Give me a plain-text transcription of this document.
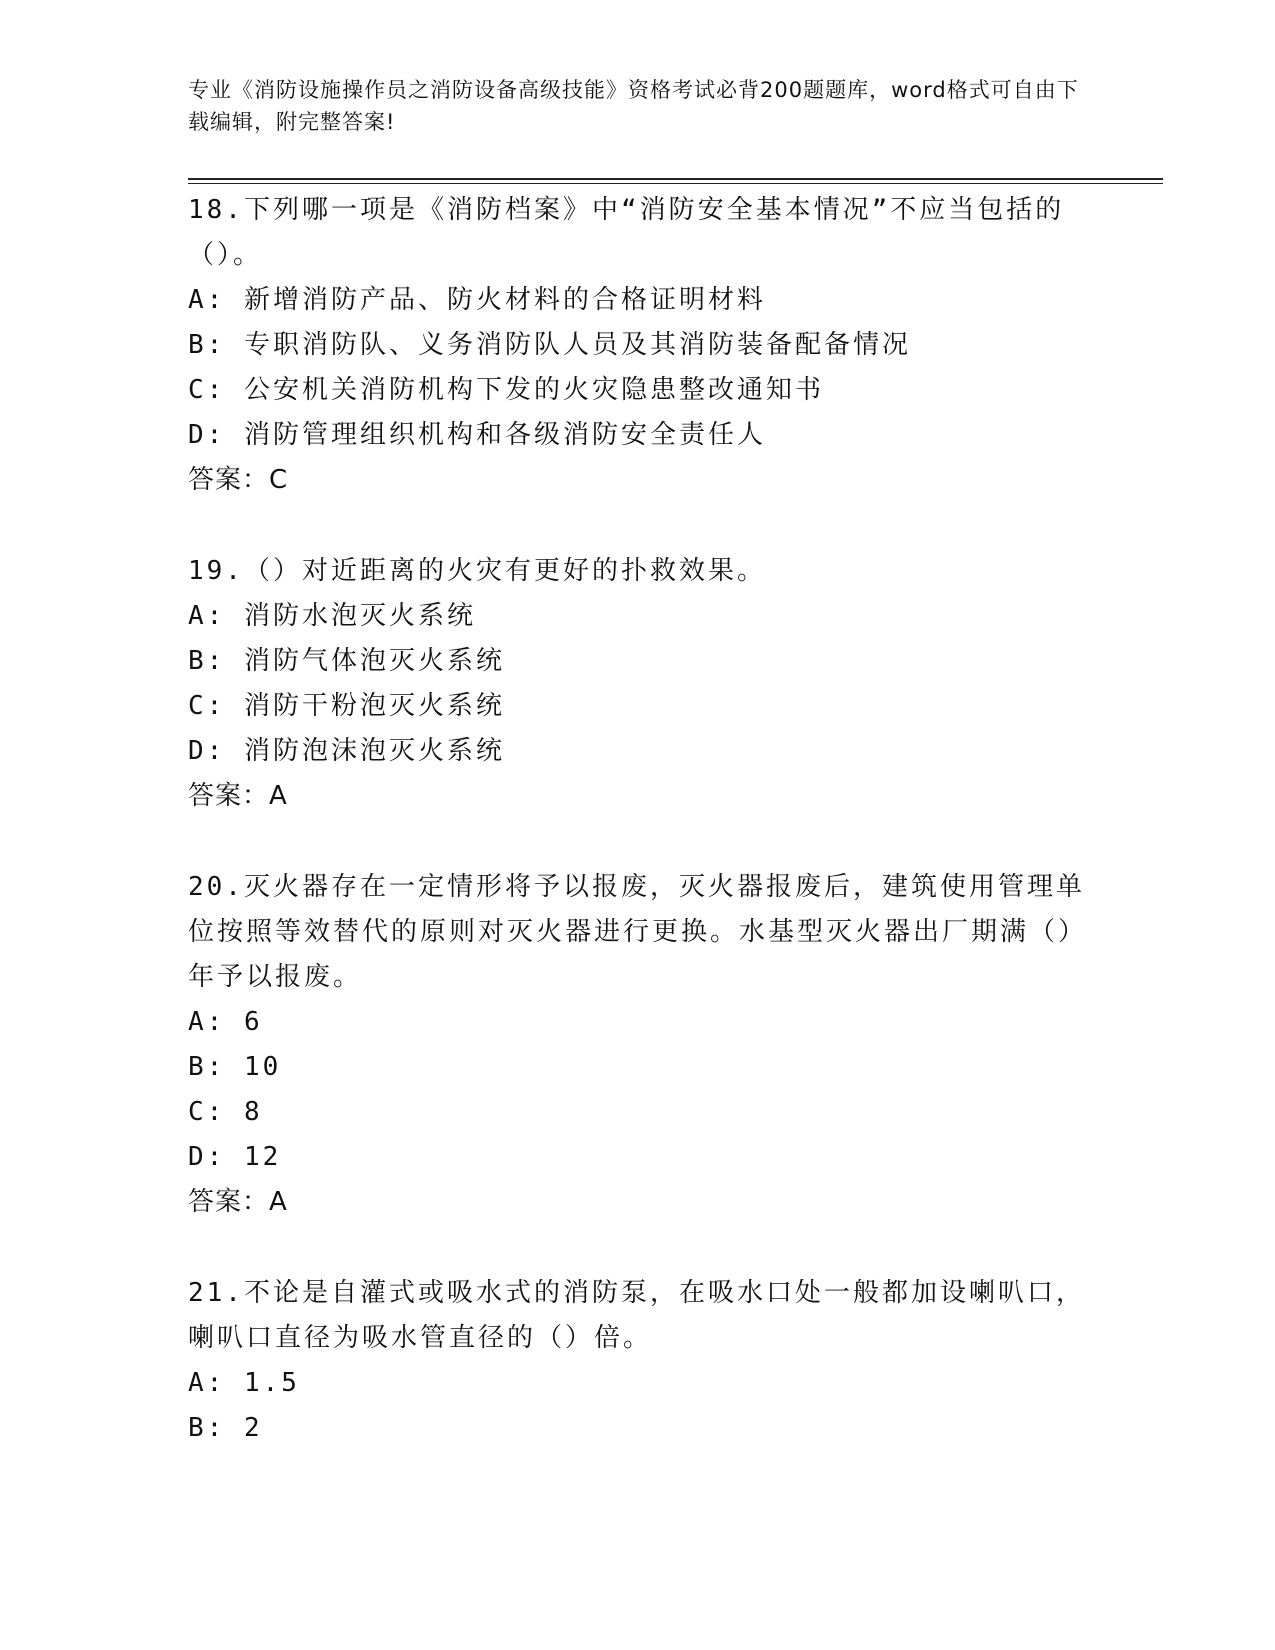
专业《消防设施操作员之消防设备高级技能》资格考试必背200题题库，word格式可自由下载编辑，附完整答案!
18.下列哪一项是《消防档案》中“消防安全基本情况”不应当包括的（）。
A: 新增消防产品、防火材料的合格证明材料
B: 专职消防队、义务消防队人员及其消防装备配备情况
C: 公安机关消防机构下发的火灾隐患整改通知书
D: 消防管理组织机构和各级消防安全责任人
答案：C
19.（）对近距离的火灾有更好的扑救效果。
A: 消防水泡灭火系统
B: 消防气体泡灭火系统
C: 消防干粉泡灭火系统
D: 消防泡沫泡灭火系统
答案：A
20.灭火器存在一定情形将予以报废，灭火器报废后，建筑使用管理单位按照等效替代的原则对灭火器进行更换。水基型灭火器出厂期满（）年予以报废。
A: 6
B: 10
C: 8
D: 12
答案：A
21.不论是自灌式或吸水式的消防泵，在吸水口处一般都加设喇叭口，喇叭口直径为吸水管直径的（）倍。
A: 1.5
B: 2
